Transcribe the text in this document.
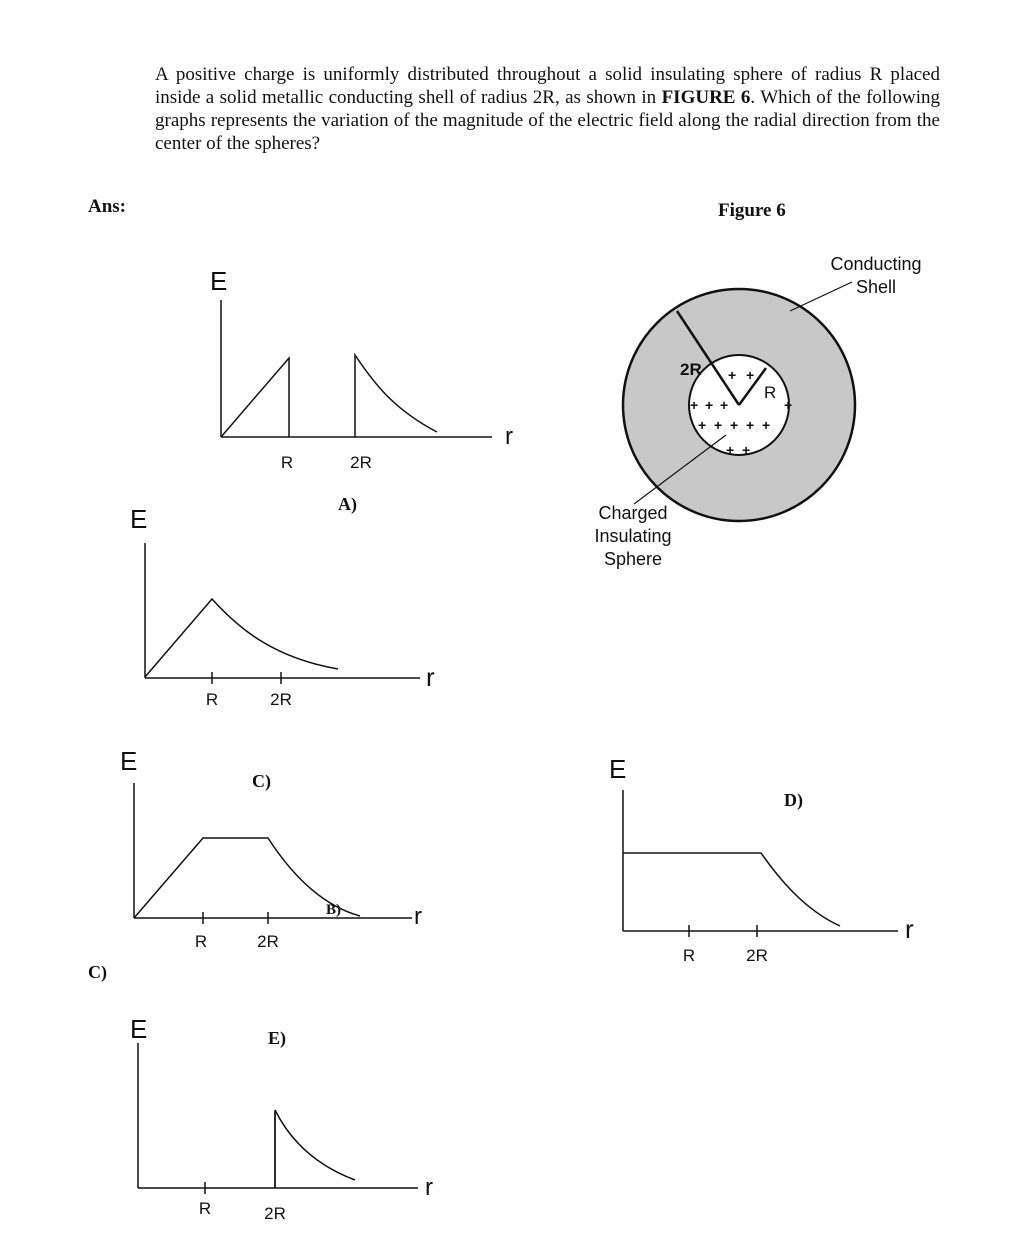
A positive charge is uniformly distributed throughout a solid insulating sphere of radius R placed inside a solid metallic conducting shell of radius 2R, as shown in FIGURE 6. Which of the following graphs represents the variation of the magnitude of the electric field along the radial direction from the center of the spheres?
Ans:	Figure 6
C)
+ +
+ + +	+
+ + + + +
+ +
2R
R
Conducting
Shell
Charged
Insulating
Sphere
E
r
R	2R
A)
E
r
R	2R
E
r
R	2R
C)
B)
E
r
R	2R
D)
E
r
R	2R
E)
